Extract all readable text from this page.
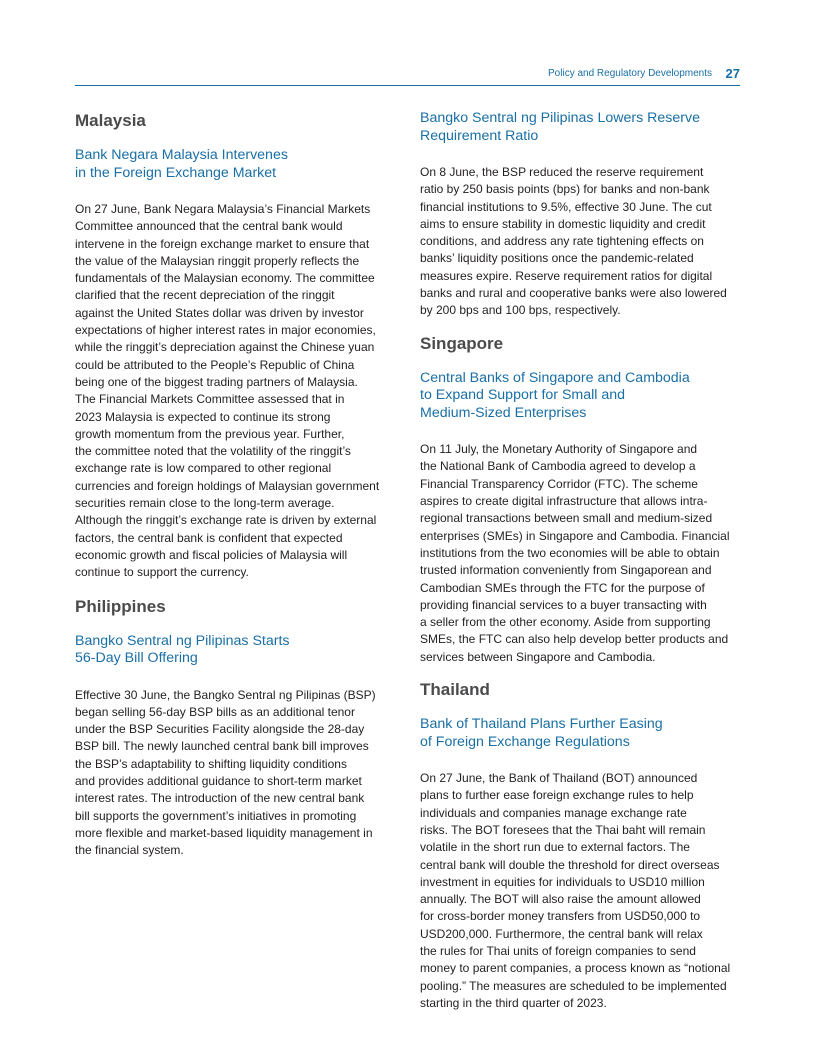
Policy and Regulatory Developments 27
Malaysia
Bank Negara Malaysia Intervenes
in the Foreign Exchange Market

On 27 June, Bank Negara Malaysia’s Financial Markets
Committee announced that the central bank would
intervene in the foreign exchange market to ensure that
the value of the Malaysian ringgit properly reflects the
fundamentals of the Malaysian economy. The committee
clarified that the recent depreciation of the ringgit
against the United States dollar was driven by investor
expectations of higher interest rates in major economies,
while the ringgit’s depreciation against the Chinese yuan
could be attributed to the People’s Republic of China
being one of the biggest trading partners of Malaysia.
The Financial Markets Committee assessed that in
2023 Malaysia is expected to continue its strong
growth momentum from the previous year. Further,
the committee noted that the volatility of the ringgit’s
exchange rate is low compared to other regional
currencies and foreign holdings of Malaysian government
securities remain close to the long-term average.
Although the ringgit’s exchange rate is driven by external
factors, the central bank is confident that expected
economic growth and fiscal policies of Malaysia will
continue to support the currency.

Philippines
Bangko Sentral ng Pilipinas Starts
56-Day Bill Offering

Effective 30 June, the Bangko Sentral ng Pilipinas (BSP)
began selling 56-day BSP bills as an additional tenor
under the BSP Securities Facility alongside the 28-day
BSP bill. The newly launched central bank bill improves
the BSP’s adaptability to shifting liquidity conditions
and provides additional guidance to short-term market
interest rates. The introduction of the new central bank
bill supports the government’s initiatives in promoting
more flexible and market-based liquidity management in
the financial system.

Bangko Sentral ng Pilipinas Lowers Reserve
Requirement Ratio

On 8 June, the BSP reduced the reserve requirement
ratio by 250 basis points (bps) for banks and non-bank
financial institutions to 9.5%, effective 30 June. The cut
aims to ensure stability in domestic liquidity and credit
conditions, and address any rate tightening effects on
banks’ liquidity positions once the pandemic-related
measures expire. Reserve requirement ratios for digital
banks and rural and cooperative banks were also lowered
by 200 bps and 100 bps, respectively.

Singapore
Central Banks of Singapore and Cambodia
to Expand Support for Small and
Medium-Sized Enterprises

On 11 July, the Monetary Authority of Singapore and
the National Bank of Cambodia agreed to develop a
Financial Transparency Corridor (FTC). The scheme
aspires to create digital infrastructure that allows intra-
regional transactions between small and medium-sized
enterprises (SMEs) in Singapore and Cambodia. Financial
institutions from the two economies will be able to obtain
trusted information conveniently from Singaporean and
Cambodian SMEs through the FTC for the purpose of
providing financial services to a buyer transacting with
a seller from the other economy. Aside from supporting
SMEs, the FTC can also help develop better products and
services between Singapore and Cambodia.

Thailand
Bank of Thailand Plans Further Easing
of Foreign Exchange Regulations

On 27 June, the Bank of Thailand (BOT) announced
plans to further ease foreign exchange rules to help
individuals and companies manage exchange rate
risks. The BOT foresees that the Thai baht will remain
volatile in the short run due to external factors. The
central bank will double the threshold for direct overseas
investment in equities for individuals to USD10 million
annually. The BOT will also raise the amount allowed
for cross-border money transfers from USD50,000 to
USD200,000. Furthermore, the central bank will relax
the rules for Thai units of foreign companies to send
money to parent companies, a process known as “notional
pooling.” The measures are scheduled to be implemented
starting in the third quarter of 2023.
